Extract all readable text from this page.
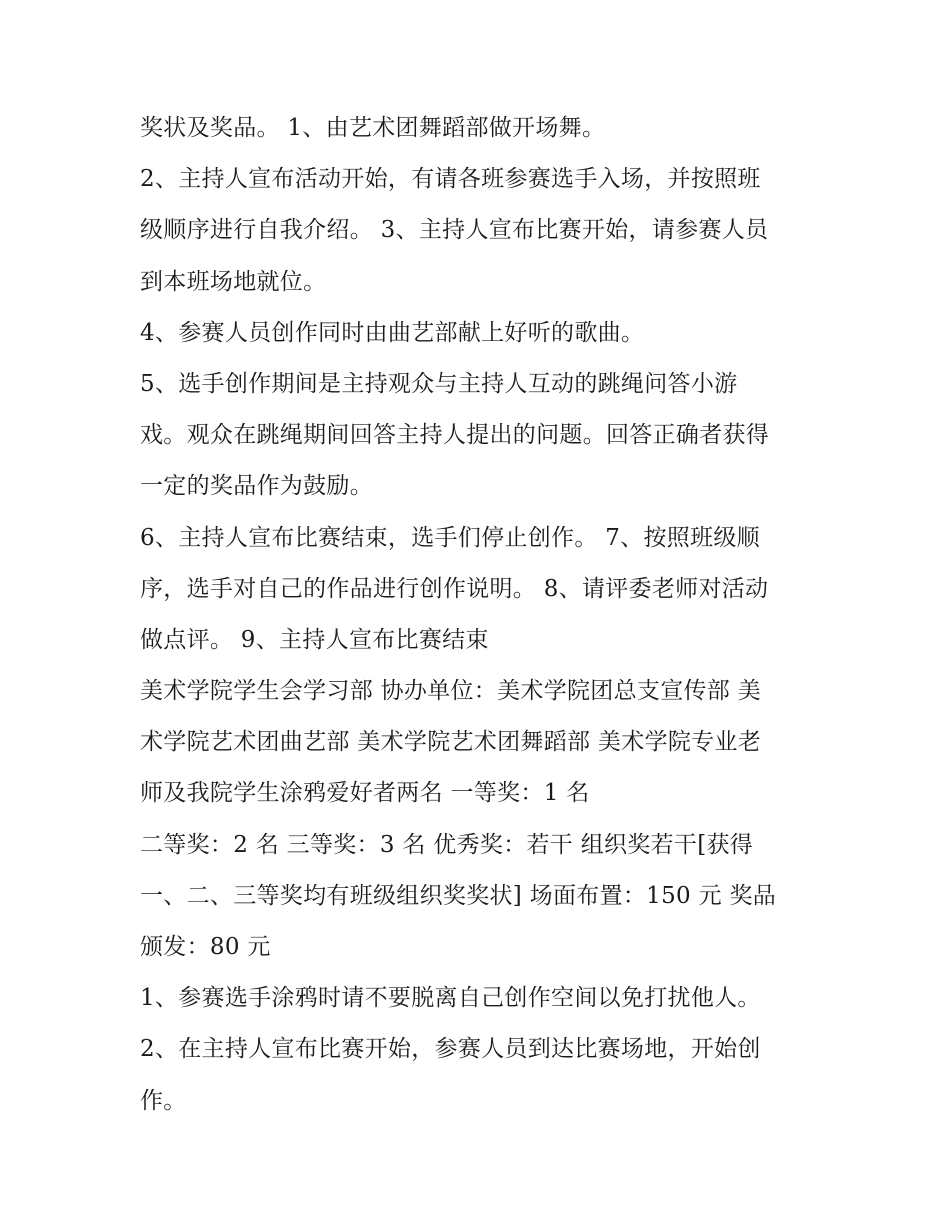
奖状及奖品。 1、由艺术团舞蹈部做开场舞。
2、主持人宣布活动开始，有请各班参赛选手入场，并按照班
级顺序进行自我介绍。 3、主持人宣布比赛开始，请参赛人员
到本班场地就位。
4、参赛人员创作同时由曲艺部献上好听的歌曲。
5、选手创作期间是主持观众与主持人互动的跳绳问答小游
戏。观众在跳绳期间回答主持人提出的问题。回答正确者获得
一定的奖品作为鼓励。
6、主持人宣布比赛结束，选手们停止创作。 7、按照班级顺
序，选手对自己的作品进行创作说明。 8、请评委老师对活动
做点评。 9、主持人宣布比赛结束
美术学院学生会学习部 协办单位：美术学院团总支宣传部 美
术学院艺术团曲艺部 美术学院艺术团舞蹈部 美术学院专业老
师及我院学生涂鸦爱好者两名 一等奖：1 名
二等奖：2 名 三等奖：3 名 优秀奖：若干 组织奖若干[获得
一、二、三等奖均有班级组织奖奖状] 场面布置：150 元 奖品
颁发：80 元
1、参赛选手涂鸦时请不要脱离自己创作空间以免打扰他人。
2、在主持人宣布比赛开始，参赛人员到达比赛场地，开始创
作。
